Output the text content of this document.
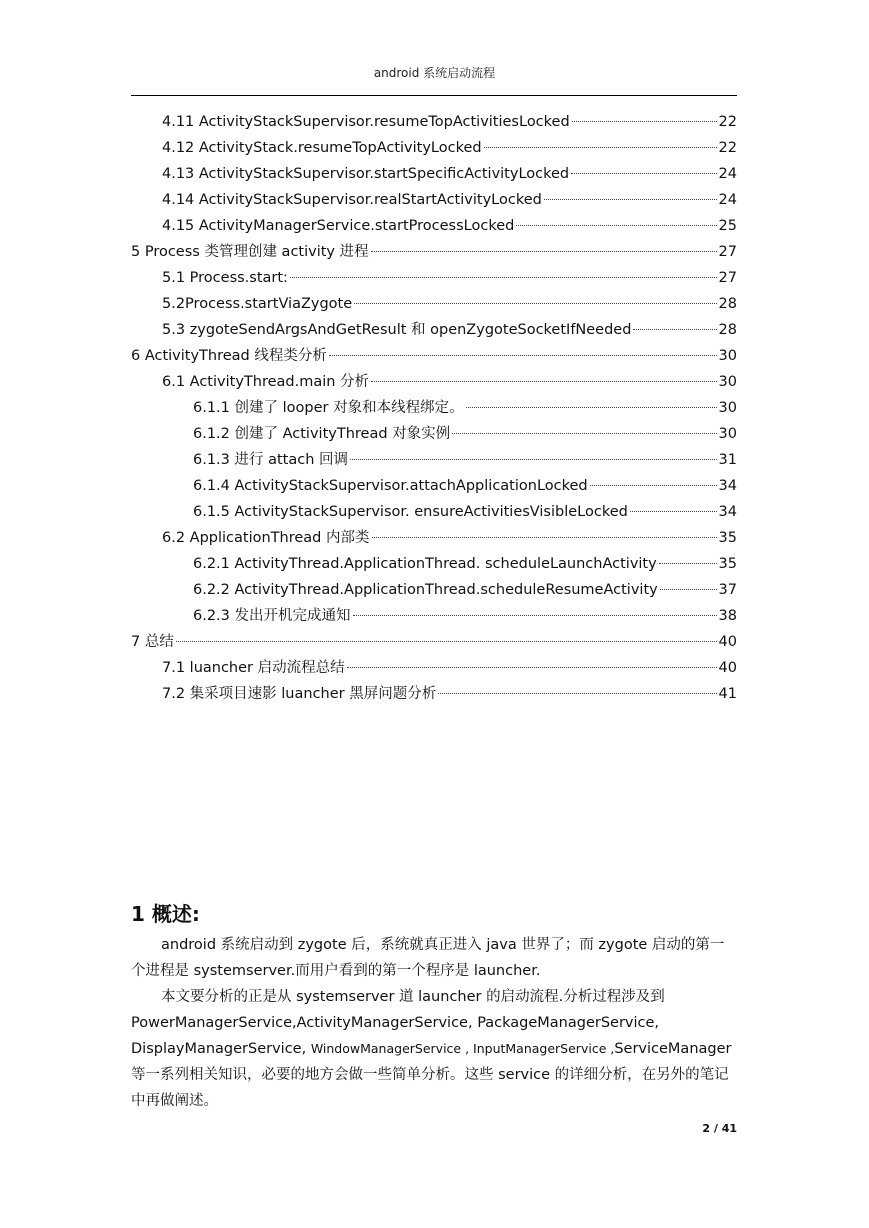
android 系统启动流程
4.11 ActivityStackSupervisor.resumeTopActivitiesLocked	22
4.12 ActivityStack.resumeTopActivityLocked	22
4.13 ActivityStackSupervisor.startSpecificActivityLocked	24
4.14 ActivityStackSupervisor.realStartActivityLocked	24
4.15 ActivityManagerService.startProcessLocked	25
5 Process 类管理创建 activity 进程	27
5.1 Process.start:	27
5.2Process.startViaZygote	28
5.3 zygoteSendArgsAndGetResult 和 openZygoteSocketIfNeeded	28
6 ActivityThread 线程类分析	30
6.1 ActivityThread.main 分析	30
6.1.1 创建了 looper 对象和本线程绑定。	30
6.1.2 创建了 ActivityThread 对象实例	30
6.1.3 进行 attach 回调	31
6.1.4 ActivityStackSupervisor.attachApplicationLocked	34
6.1.5 ActivityStackSupervisor. ensureActivitiesVisibleLocked	34
6.2 ApplicationThread 内部类	35
6.2.1 ActivityThread.ApplicationThread. scheduleLaunchActivity	35
6.2.2 ActivityThread.ApplicationThread.scheduleResumeActivity	37
6.2.3 发出开机完成通知	38
7 总结	40
7.1 luancher 启动流程总结	40
7.2 集采项目速影 luancher 黑屏问题分析	41
1 概述:
android 系统启动到 zygote 后，系统就真正进入 java 世界了；而 zygote 启动的第一个进程是 systemserver.而用户看到的第一个程序是 launcher.
本文要分析的正是从 systemserver 道 launcher 的启动流程.分析过程涉及到 PowerManagerService,ActivityManagerService, PackageManagerService, DisplayManagerService, WindowManagerService , InputManagerService ,ServiceManager 等一系列相关知识，必要的地方会做一些简单分析。这些 service 的详细分析，在另外的笔记中再做阐述。
2 / 41
